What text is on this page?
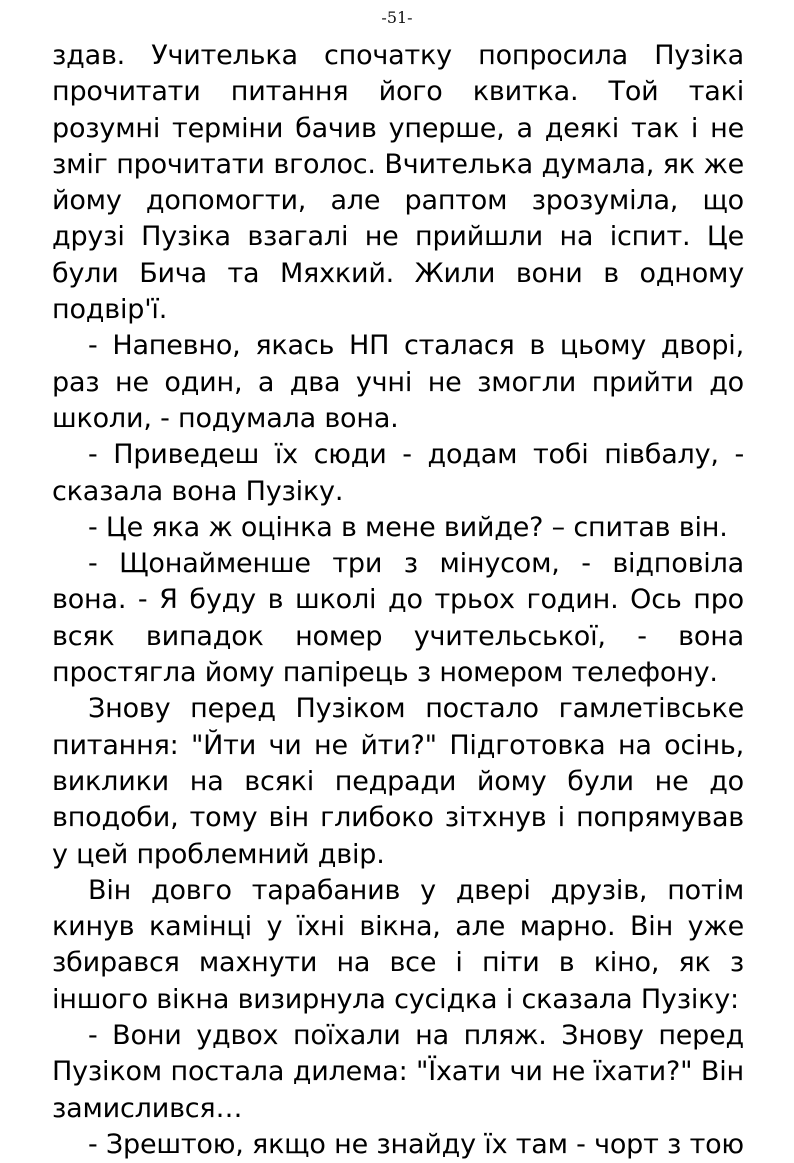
-51-

здав. Учителька спочатку попросила Пузіка прочитати питання його квитка. Той такі розумні терміни бачив уперше, а деякі так і не зміг прочитати вголос. Вчителька думала, як же йому допомогти, але раптом зрозуміла, що друзі Пузіка взагалі не прийшли на іспит. Це були Бича та Мяхкий. Жили вони в одному подвір'ї.

- Напевно, якась НП сталася в цьому дворі, раз не один, а два учні не змогли прийти до школи, - подумала вона.

- Приведеш їх сюди - додам тобі півбалу, - сказала вона Пузіку.

- Це яка ж оцінка в мене вийде? – спитав він.

- Щонайменше три з мінусом, - відповіла вона. - Я буду в школі до трьох годин. Ось про всяк випадок номер учительської, - вона простягла йому папірець з номером телефону.

Знову перед Пузіком постало гамлетівське питання: "Йти чи не йти?" Підготовка на осінь, виклики на всякі педради йому були не до вподоби, тому він глибоко зітхнув і попрямував у цей проблемний двір.

Він довго тарабанив у двері друзів, потім кинув камінці у їхні вікна, але марно. Він уже збирався махнути на все і піти в кіно, як з іншого вікна визирнула сусідка і сказала Пузіку:

- Вони удвох поїхали на пляж. Знову перед Пузіком постала дилема: "Їхати чи не їхати?" Він замислився…

- Зрештою, якщо не знайду їх там - чорт з тою
